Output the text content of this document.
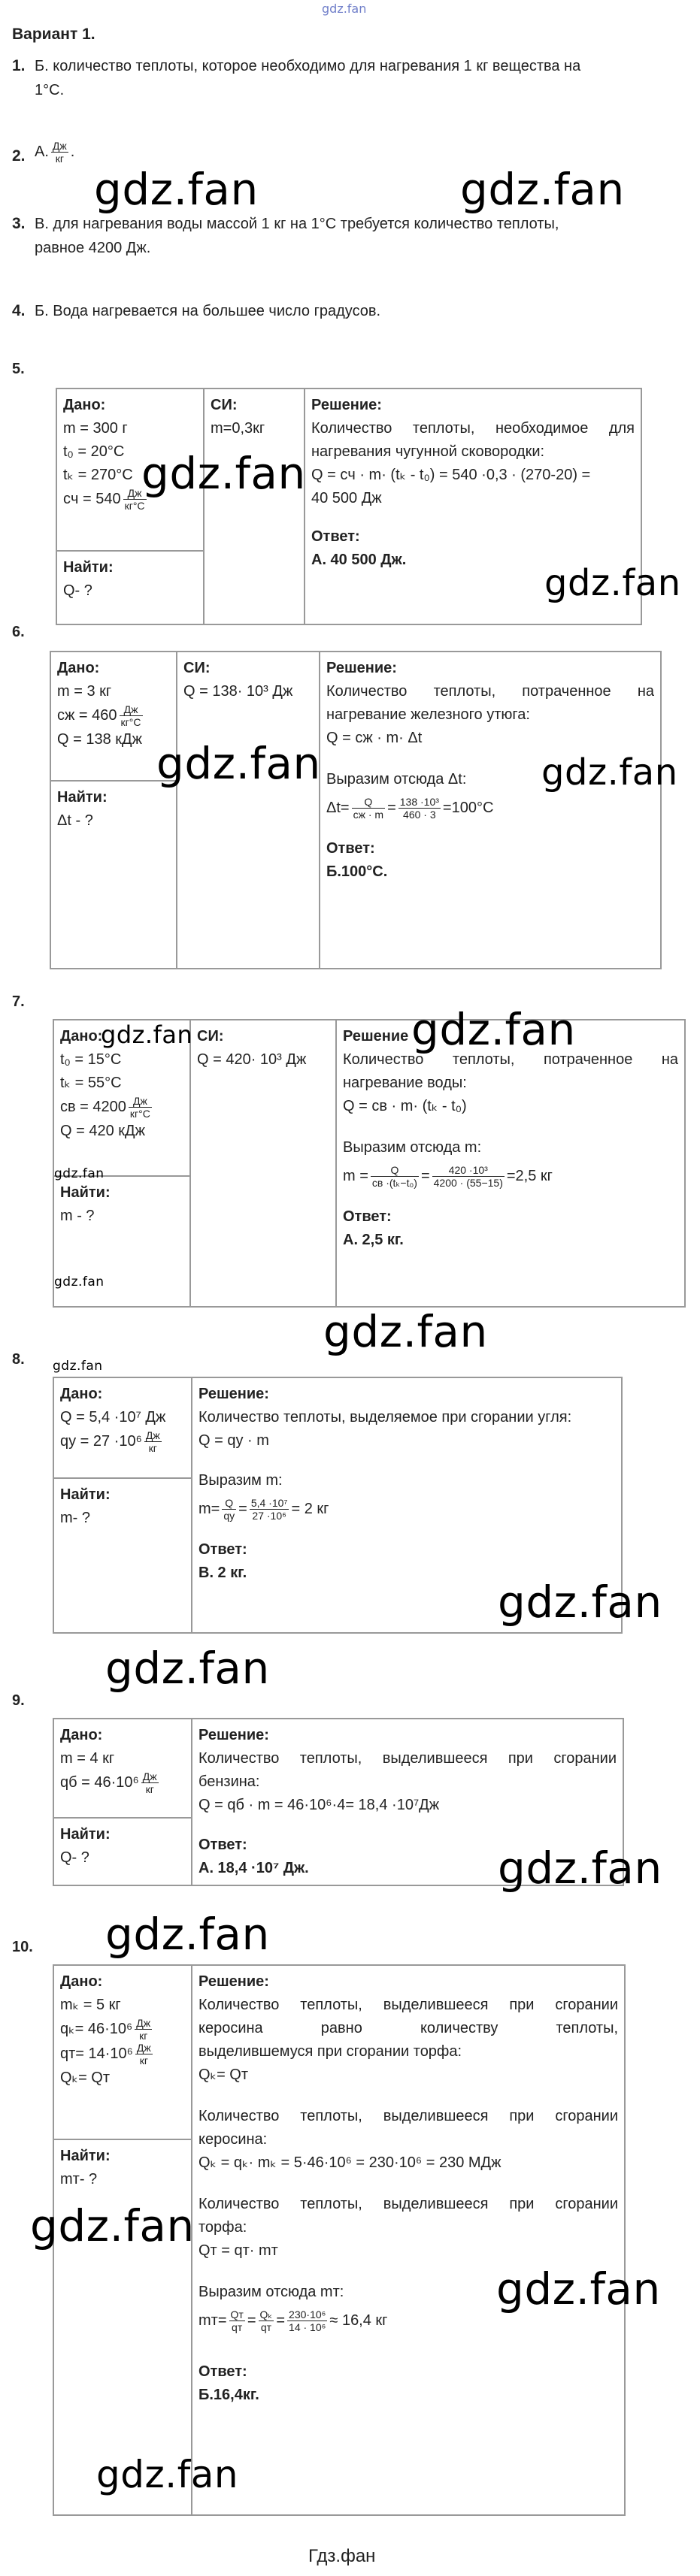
gdz.fan
Вариант 1.
1. Б. количество теплоты, которое необходимо для нагревания 1 кг вещества на
1°С.
2. А. $\frac{Дж}{кг}$ .
3. В. для нагревания воды массой 1 кг на 1°С требуется количество теплоты,
равное 4200 Дж.
4. Б. Вода нагревается на большее число градусов.
5.
Дано:
m = 300 г
t₀ = 20°С
tₖ = 270°С
cч = $540 \frac{Дж}{кг^\circ С}$

СИ:
m=0,3кг

Решение:
Количество теплоты, необходимое для
нагревания чугунной сковородки:
Q = cч · m· (tₖ - t₀) = 540 ·0,3 · (270-20) =
40 500 Дж
Ответ:
А. 40 500 Дж.

Найти:
Q- ?
6.
Дано:
m = 3 кг
cж = $460 \frac{Дж}{кг^\circ С}$
Q = 138 кДж

СИ:
Q = 138· 10³ Дж

Решение:
Количество теплоты, потраченное на
нагревание железного утюга:
Q = cж · m· Δt
Выразим отсюда Δt:
$\Delta t= \frac{Q}{cж \cdot m} = \frac{\text{138 ·10³}}{460 \cdot 3} =100^\circ С$
Ответ:
Б.100°С.

Найти:
Δt - ?
7.
Дано:
t₀ = 15°С
tₖ = 55°С
cв = $4200 \frac{Дж}{кг^\circ С}$
Q = 420 кДж

СИ:
Q = 420· 10³ Дж

Решение
Количество теплоты, потраченное на
нагревание воды:
Q = cв · m· (tₖ - t₀)
Выразим отсюда m:
$m = \frac{Q}{\text{cв ·(tₖ−t₀)}} = \frac{\text{420 ·10³}}{4200 \cdot (55-15)} =2,5$ кг
Ответ:
А. 2,5 кг.

Найти:
m - ?
8.
Дано:
Q = 5,4 ·10⁷ Дж
qу = $27 \cdot 10^6 \frac{Дж}{кг}$

Решение:
Количество теплоты, выделяемое при сгорании угля:
Q = qу · m
Выразим m:
$m= \frac{Q}{qу} = \frac{\text{5,4 ·10⁷}}{\text{27 ·10⁶}} = 2$ кг
Ответ:
В. 2 кг.

Найти:
m- ?
9.
Дано:
m = 4 кг
qб = $46\cdot 10^6 \frac{Дж}{кг}$

Решение:
Количество теплоты, выделившееся при сгорании
бензина:
Q = qб · m = 46·10⁶·4= 18,4 ·10⁷Дж
Ответ:
А. 18,4 ·10⁷ Дж.

Найти:
Q- ?
10.
Дано:
mₖ = 5 кг
$q_k= 46\cdot 10^6 \frac{Дж}{кг}$
$qт= 14\cdot 10^6 \frac{Дж}{кг}$
Qₖ= Qт

Решение:
Количество теплоты, выделившееся при сгорании
керосина равно количеству теплоты,
выделившемуся при сгорании торфа:
Qₖ= Qт
Количество теплоты, выделившееся при сгорании
керосина:
Qₖ = qₖ· mₖ = 5·46·10⁶ = 230·10⁶ = 230 МДж
Количество теплоты, выделившееся при сгорании
торфа:
Qт = qт· mт
Выразим отсюда mт:
$mт= \frac{Qт}{qт} = \frac{\text{Qₖ}}{qт} = \frac{\text{230·10⁶}}{\text{14 · 10⁶}} \approx 16,4$ кг
Ответ:
Б.16,4кг.

Найти:
mт- ?
gdz.fan	gdz.fan
gdz.fan
gdz.fan
gdz.fan	gdz.fan
gdz.fan
gdz.fan
gdz.fan
gdz.fan
gdz.fan
gdz.fan
gdz.fan
gdz.fan
gdz.fan
gdz.fan
gdz.fan
gdz.fan
gdz.fan
Гдз.фан
